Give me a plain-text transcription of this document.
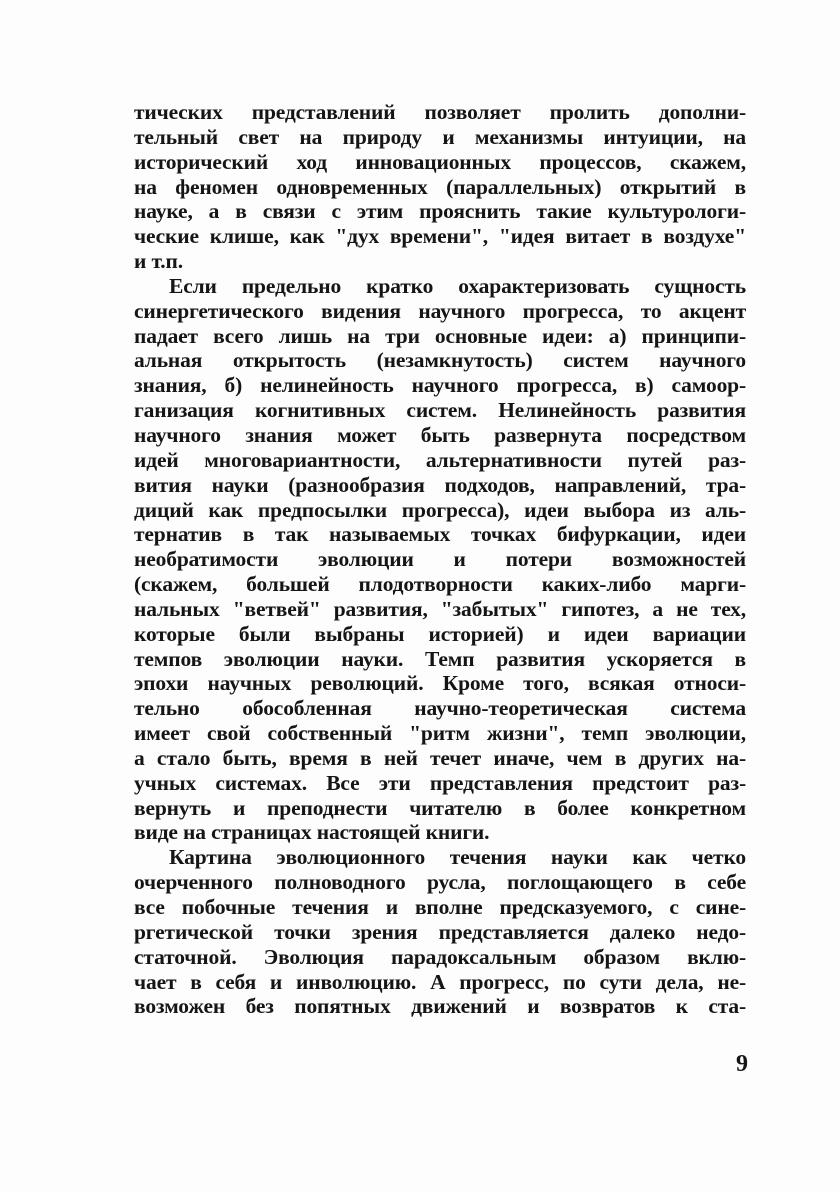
тических представлений позволяет пролить дополни-
тельный свет на природу и механизмы интуиции, на
исторический ход инновационных процессов, скажем,
на феномен одновременных (параллельных) открытий в
науке, а в связи с этим прояснить такие культурологи-
ческие клише, как "дух времени", "идея витает в воздухе"
и т.п.
Если предельно кратко охарактеризовать сущность
синергетического видения научного прогресса, то акцент
падает всего лишь на три основные идеи: а) принципи-
альная открытость (незамкнутость) систем научного
знания, б) нелинейность научного прогресса, в) самоор-
ганизация когнитивных систем. Нелинейность развития
научного знания может быть развернута посредством
идей многовариантности, альтернативности путей раз-
вития науки (разнообразия подходов, направлений, тра-
диций как предпосылки прогресса), идеи выбора из аль-
тернатив в так называемых точках бифуркации, идеи
необратимости эволюции и потери возможностей
(скажем, большей плодотворности каких-либо марги-
нальных "ветвей" развития, "забытых" гипотез, а не тех,
которые были выбраны историей) и идеи вариации
темпов эволюции науки. Темп развития ускоряется в
эпохи научных революций. Кроме того, всякая относи-
тельно обособленная научно-теоретическая система
имеет свой собственный "ритм жизни", темп эволюции,
а стало быть, время в ней течет иначе, чем в других на-
учных системах. Все эти представления предстоит раз-
вернуть и преподнести читателю в более конкретном
виде на страницах настоящей книги.
Картина эволюционного течения науки как четко
очерченного полноводного русла, поглощающего в себе
все побочные течения и вполне предсказуемого, с сине-
ргетической точки зрения представляется далеко недо-
статочной. Эволюция парадоксальным образом вклю-
чает в себя и инволюцию. А прогресс, по сути дела, не-
возможен без попятных движений и возвратов к ста-
9
